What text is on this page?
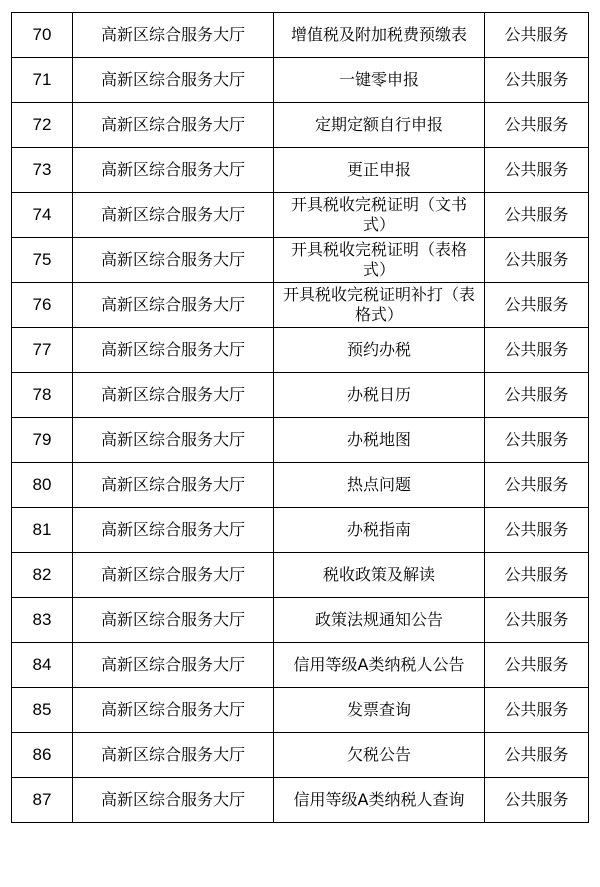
70	高新区综合服务大厅	增值税及附加税费预缴表	公共服务
71	高新区综合服务大厅	一键零申报	公共服务
72	高新区综合服务大厅	定期定额自行申报	公共服务
73	高新区综合服务大厅	更正申报	公共服务
74	高新区综合服务大厅	开具税收完税证明（文书式）	公共服务
75	高新区综合服务大厅	开具税收完税证明（表格式）	公共服务
76	高新区综合服务大厅	开具税收完税证明补打（表格式）	公共服务
77	高新区综合服务大厅	预约办税	公共服务
78	高新区综合服务大厅	办税日历	公共服务
79	高新区综合服务大厅	办税地图	公共服务
80	高新区综合服务大厅	热点问题	公共服务
81	高新区综合服务大厅	办税指南	公共服务
82	高新区综合服务大厅	税收政策及解读	公共服务
83	高新区综合服务大厅	政策法规通知公告	公共服务
84	高新区综合服务大厅	信用等级A类纳税人公告	公共服务
85	高新区综合服务大厅	发票查询	公共服务
86	高新区综合服务大厅	欠税公告	公共服务
87	高新区综合服务大厅	信用等级A类纳税人查询	公共服务
